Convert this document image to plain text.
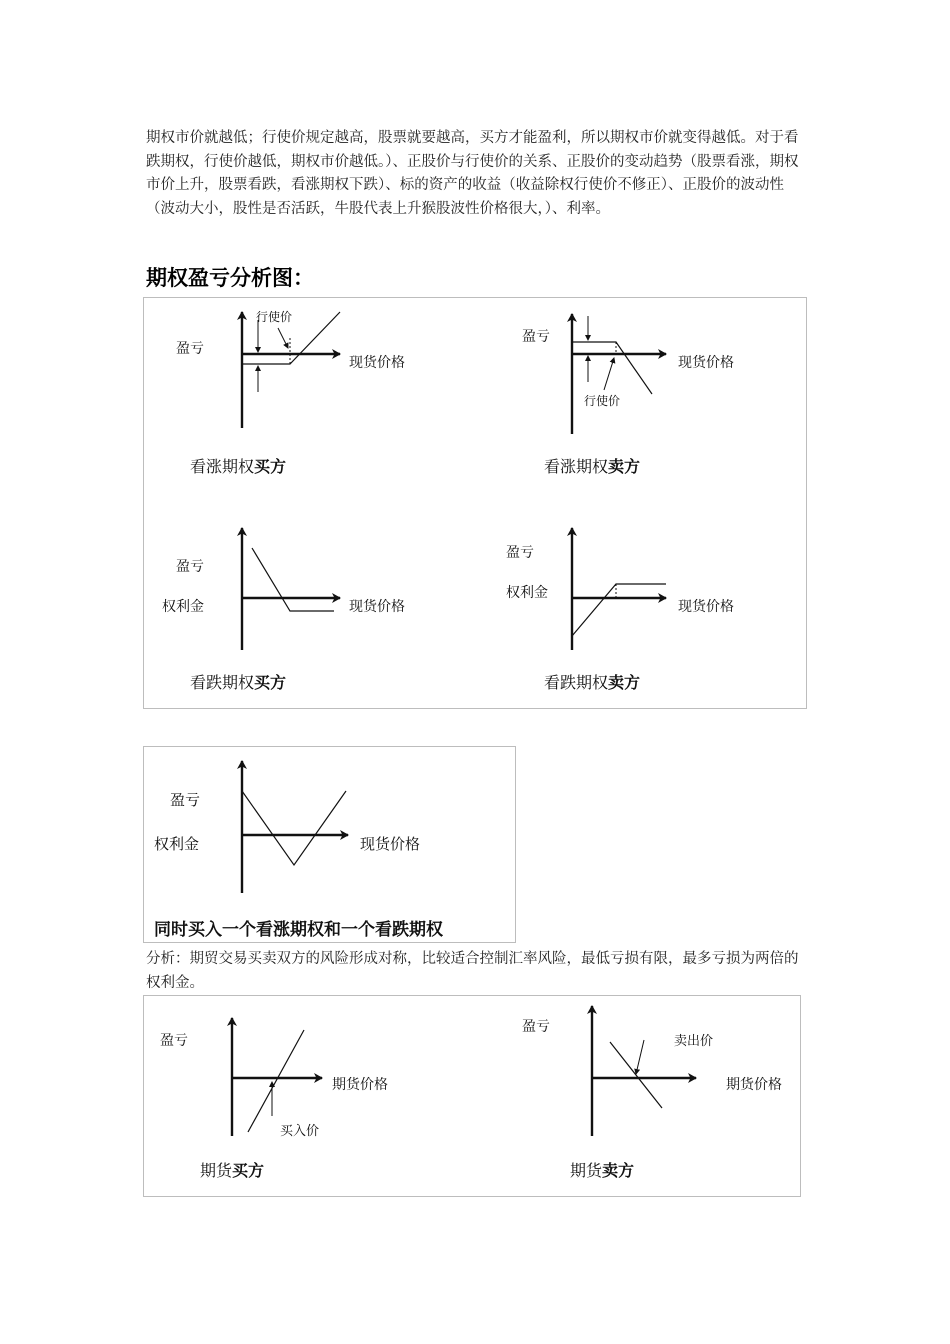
期权市价就越低；行使价规定越高，股票就要越高，买方才能盈利，所以期权市价就变得越低。对于看跌期权，行使价越低，期权市价越低。）、正股价与行使价的关系、正股价的变动趋势（股票看涨，期权市价上升，股票看跌，看涨期权下跌）、标的资产的收益（收益除权行使价不修正）、正股价的波动性（波动大小，股性是否活跃，牛股代表上升猴股波性价格很大，）、利率。
期权盈亏分析图：
行使价
盈亏
现货价格
看涨期权买方
盈亏
现货价格
行使价
看涨期权卖方
盈亏
权利金	现货价格
看跌期权买方
盈亏
权利金
现货价格
看跌期权卖方
盈亏
权利金	现货价格
同时买入一个看涨期权和一个看跌期权
分析：期贸交易买卖双方的风险形成对称，比较适合控制汇率风险，最低亏损有限，最多亏损为两倍的权利金。
盈亏
期货价格
买入价
期货买方
盈亏
卖出价
期货价格
期货卖方
